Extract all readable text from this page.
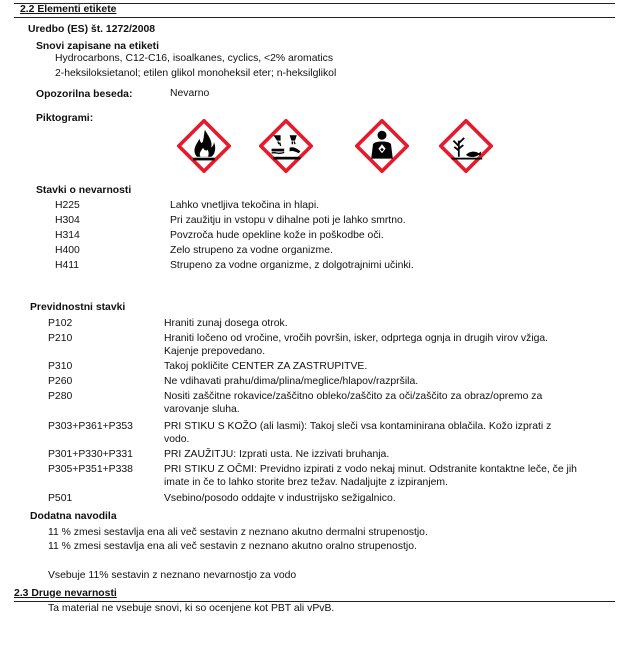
2.2 Elementi etikete
Uredbo (ES) št. 1272/2008
Snovi zapisane na etiketi
Hydrocarbons, C12-C16, isoalkanes, cyclics, <2% aromatics
2-heksiloksietanol; etilen glikol monoheksil eter; n-heksilglikol
Opozorilna beseda:	Nevarno
Piktogrami:
Stavki o nevarnosti
H225	Lahko vnetljiva tekočina in hlapi.
H304	Pri zaužitju in vstopu v dihalne poti je lahko smrtno.
H314	Povzroča hude opekline kože in poškodbe oči.
H400	Zelo strupeno za vodne organizme.
H411	Strupeno za vodne organizme, z dolgotrajnimi učinki.
Previdnostni stavki
P102	Hraniti zunaj dosega otrok.
P210	Hraniti ločeno od vročine, vročih površin, isker, odprtega ognja in drugih virov vžiga.
Kajenje prepovedano.
P310	Takoj pokličite CENTER ZA ZASTRUPITVE.
P260	Ne vdihavati prahu/dima/plina/meglice/hlapov/razpršila.
P280	Nositi zaščitne rokavice/zaščitno obleko/zaščito za oči/zaščito za obraz/opremo za
varovanje sluha.
P303+P361+P353	PRI STIKU S KOŽO (ali lasmi): Takoj sleči vsa kontaminirana oblačila. Kožo izprati z
vodo.
P301+P330+P331	PRI ZAUŽITJU: Izprati usta. Ne izzivati bruhanja.
P305+P351+P338	PRI STIKU Z OČMI: Previdno izpirati z vodo nekaj minut. Odstranite kontaktne leče, če jih
imate in če to lahko storite brez težav. Nadaljujte z izpiranjem.
P501	Vsebino/posodo oddajte v industrijsko sežigalnico.
Dodatna navodila
11 % zmesi sestavlja ena ali več sestavin z neznano akutno dermalni strupenostjo.
11 % zmesi sestavlja ena ali več sestavin z neznano akutno oralno strupenostjo.
Vsebuje 11% sestavin z neznano nevarnostjo za vodo
2.3 Druge nevarnosti
Ta material ne vsebuje snovi, ki so ocenjene kot PBT ali vPvB.
